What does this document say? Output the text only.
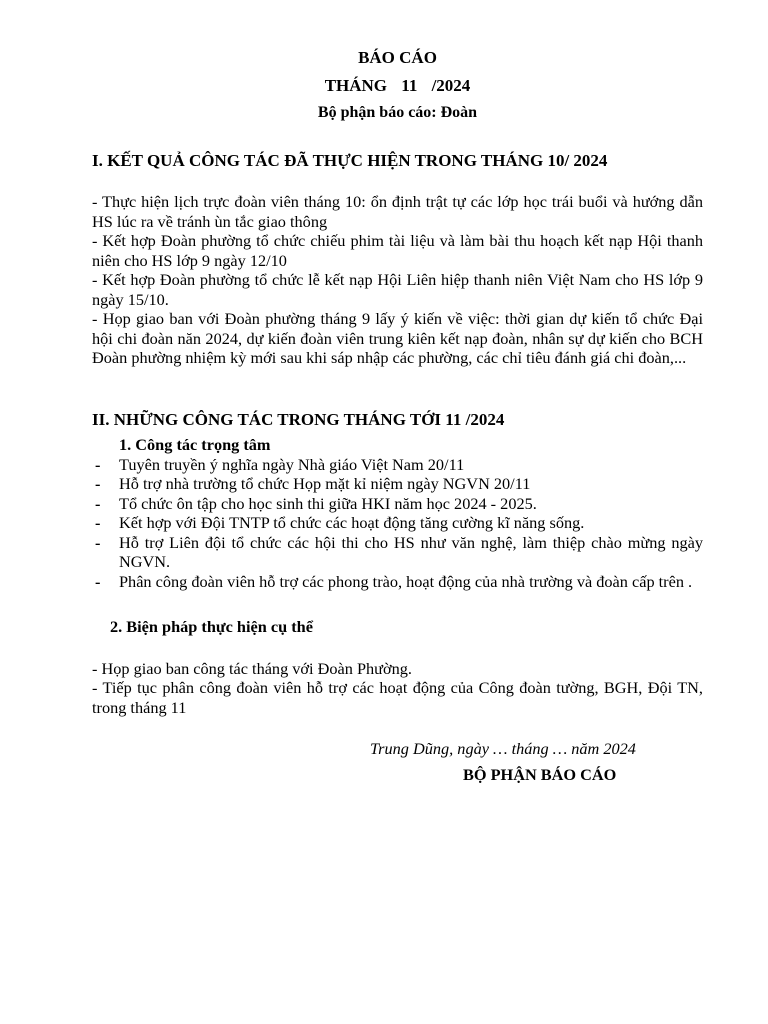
BÁO CÁO
THÁNG 11 /2024
Bộ phận báo cáo: Đoàn
I. KẾT QUẢ CÔNG TÁC ĐÃ THỰC HIỆN TRONG THÁNG 10/ 2024

- Thực hiện lịch trực đoàn viên tháng 10: ổn định trật tự các lớp học trái buổi và hướng dẫn HS lúc ra về tránh ùn tắc giao thông

- Kết hợp Đoàn phường tổ chức chiếu phim tài liệu và làm bài thu hoạch kết nạp Hội thanh niên cho HS lớp 9 ngày 12/10

- Kết hợp Đoàn phường tổ chức lễ kết nạp Hội Liên hiệp thanh niên Việt Nam cho HS lớp 9 ngày 15/10.

- Họp giao ban với Đoàn phường tháng 9 lấy ý kiến về việc: thời gian dự kiến tổ chức Đại hội chi đoàn năn 2024, dự kiến đoàn viên trung kiên kết nạp đoàn, nhân sự dự kiến cho BCH Đoàn phường nhiệm kỳ mới sau khi sáp nhập các phường, các chỉ tiêu đánh giá chi đoàn,...

II. NHỮNG CÔNG TÁC TRONG THÁNG TỚI 11 /2024
1. Công tác trọng tâm
- Tuyên truyền ý nghĩa ngày Nhà giáo Việt Nam 20/11
- Hỗ trợ nhà trường tổ chức Họp mặt kỉ niệm ngày NGVN 20/11
- Tổ chức ôn tập cho học sinh thi giữa HKI năm học 2024 - 2025.
- Kết hợp với Đội TNTP tổ chức các hoạt động tăng cường kĩ năng sống.
- Hỗ trợ Liên đội tổ chức các hội thi cho HS như văn nghệ, làm thiệp chào mừng ngày NGVN.
- Phân công đoàn viên hỗ trợ các phong trào, hoạt động của nhà trường và đoàn cấp trên .
2. Biện pháp thực hiện cụ thể

- Họp giao ban công tác tháng với Đoàn Phường.

- Tiếp tục phân công đoàn viên hỗ trợ các hoạt động của Công đoàn tường, BGH, Đội TN, trong tháng 11

Trung Dũng, ngày … tháng … năm 2024
BỘ PHẬN BÁO CÁO
